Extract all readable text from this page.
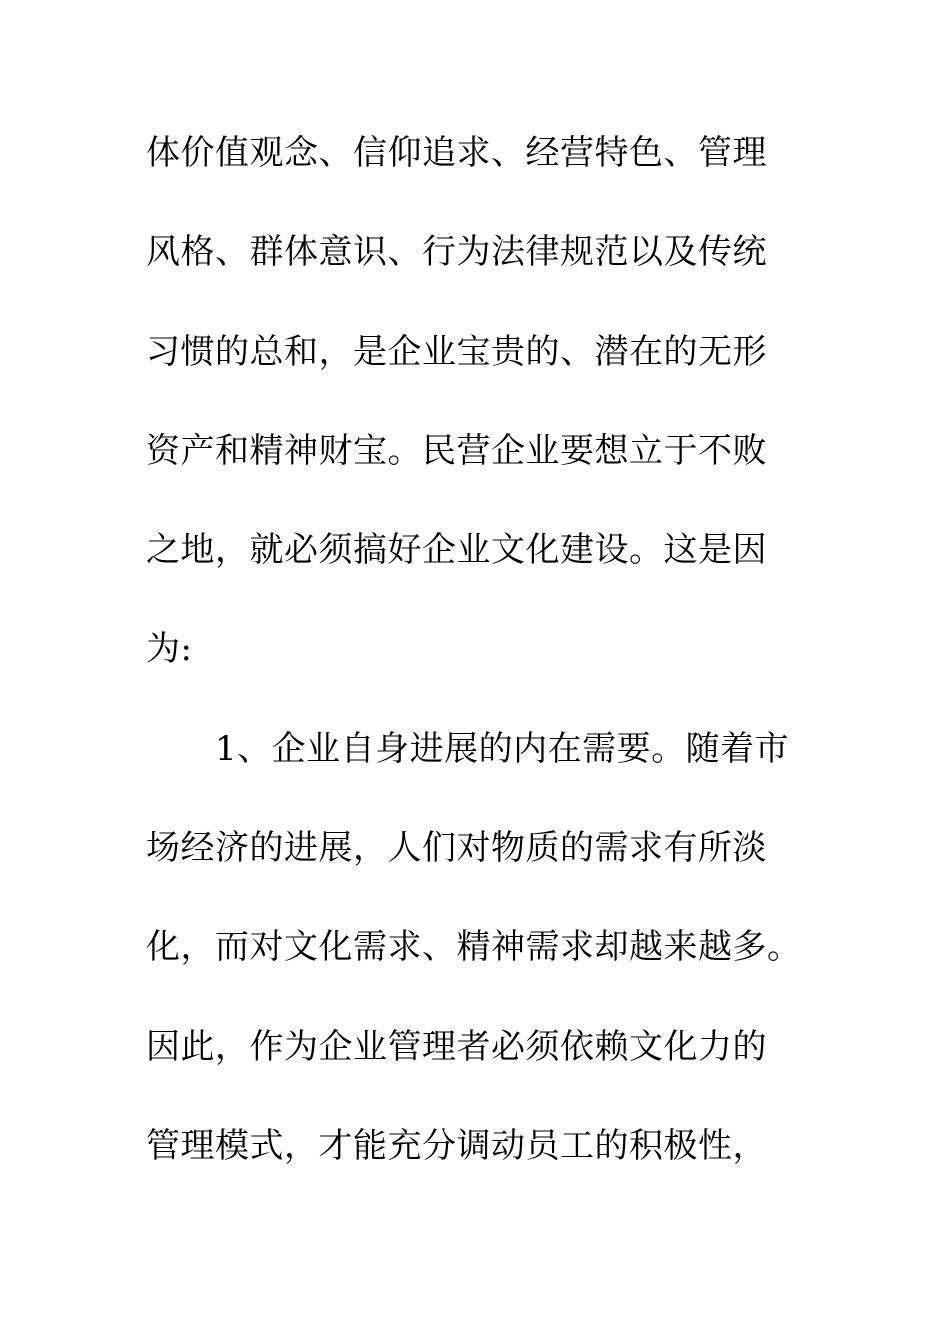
体价值观念、信仰追求、经营特色、管理
风格、群体意识、行为法律规范以及传统
习惯的总和，是企业宝贵的、潜在的无形
资产和精神财宝。民营企业要想立于不败
之地，就必须搞好企业文化建设。这是因
为:
1、企业自身进展的内在需要。随着市
场经济的进展，人们对物质的需求有所淡
化，而对文化需求、精神需求却越来越多。
因此，作为企业管理者必须依赖文化力的
管理模式，才能充分调动员工的积极性，
